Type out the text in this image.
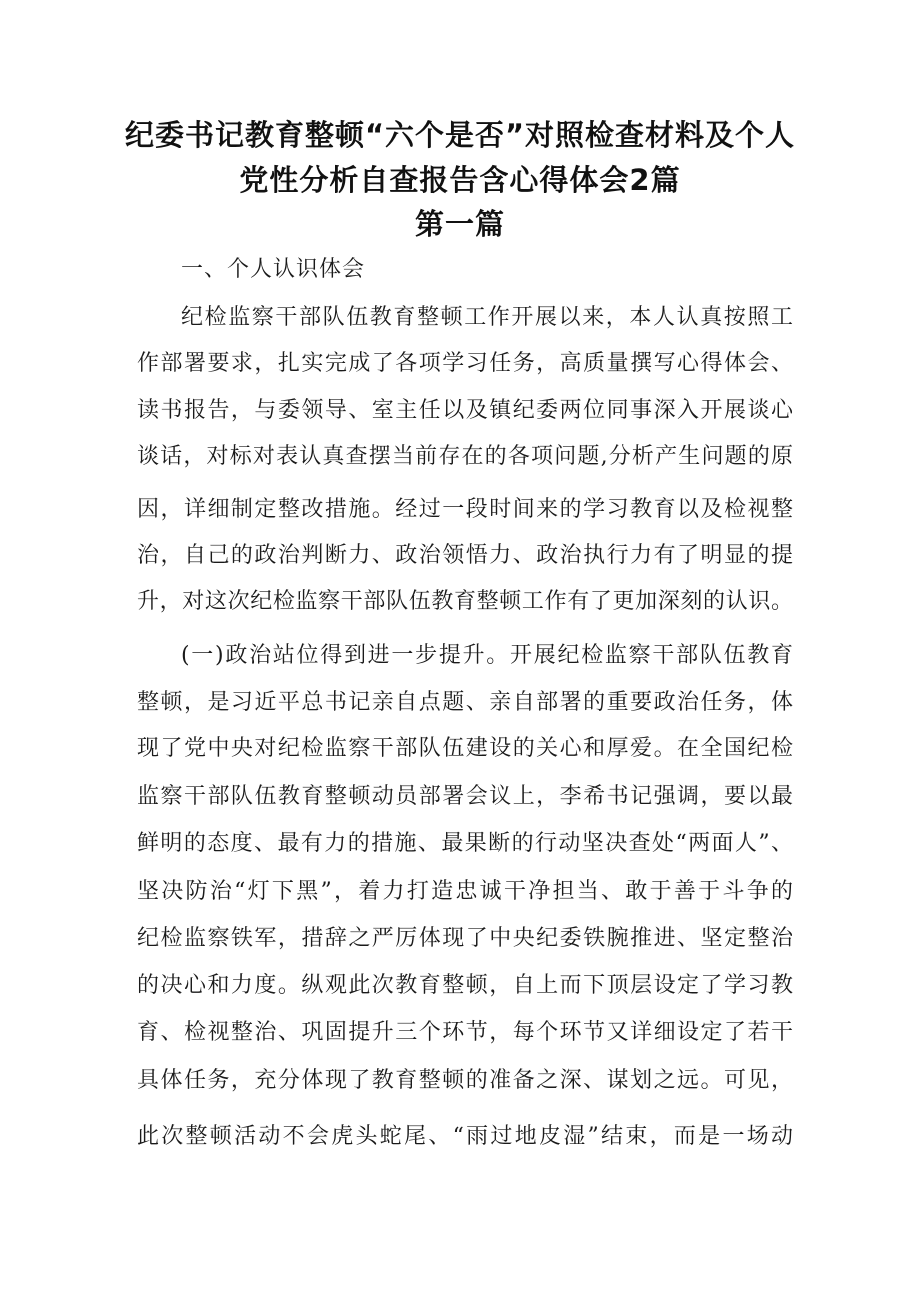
纪委书记教育整顿“六个是否”对照检查材料及个人
党性分析自查报告含心得体会2篇
第一篇

一、个人认识体会

纪检监察干部队伍教育整顿工作开展以来，本人认真按照工

作部署要求，扎实完成了各项学习任务，高质量撰写心得体会、

读书报告，与委领导、室主任以及镇纪委两位同事深入开展谈心

谈话，对标对表认真查摆当前存在的各项问题,分析产生问题的原

因，详细制定整改措施。经过一段时间来的学习教育以及检视整

治，自己的政治判断力、政治领悟力、政治执行力有了明显的提

升，对这次纪检监察干部队伍教育整顿工作有了更加深刻的认识。

(一)政治站位得到进一步提升。开展纪检监察干部队伍教育

整顿，是习近平总书记亲自点题、亲自部署的重要政治任务，体

现了党中央对纪检监察干部队伍建设的关心和厚爱。在全国纪检

监察干部队伍教育整顿动员部署会议上，李希书记强调，要以最

鲜明的态度、最有力的措施、最果断的行动坚决查处“两面人”、

坚决防治“灯下黑”，着力打造忠诚干净担当、敢于善于斗争的

纪检监察铁军，措辞之严厉体现了中央纪委铁腕推进、坚定整治

的决心和力度。纵观此次教育整顿，自上而下顶层设定了学习教

育、检视整治、巩固提升三个环节，每个环节又详细设定了若干

具体任务，充分体现了教育整顿的准备之深、谋划之远。可见，

此次整顿活动不会虎头蛇尾、“雨过地皮湿”结束，而是一场动
